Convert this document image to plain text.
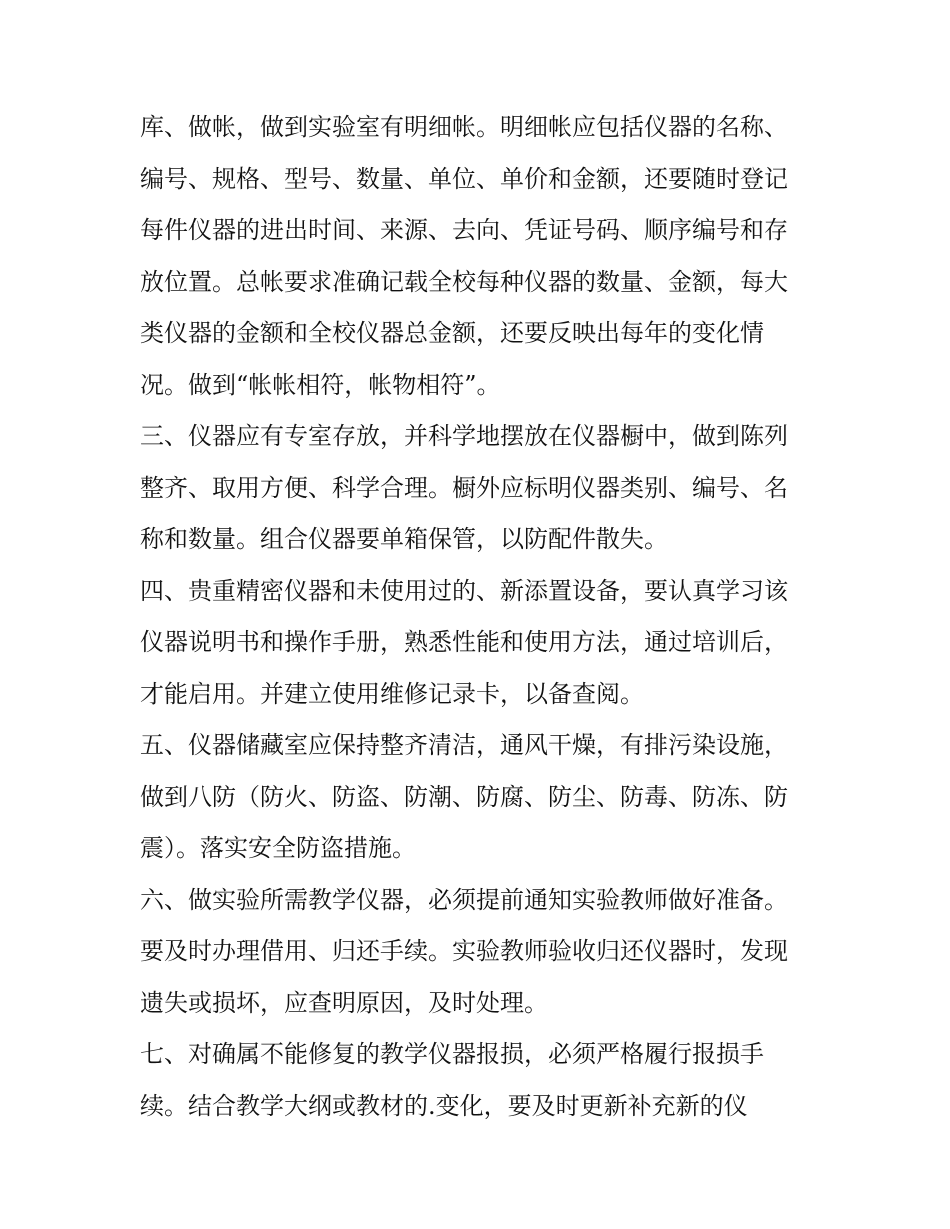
库、做帐，做到实验室有明细帐。明细帐应包括仪器的名称、
编号、规格、型号、数量、单位、单价和金额，还要随时登记
每件仪器的进出时间、来源、去向、凭证号码、顺序编号和存
放位置。总帐要求准确记载全校每种仪器的数量、金额，每大
类仪器的金额和全校仪器总金额，还要反映出每年的变化情
况。做到“帐帐相符，帐物相符”。
三、仪器应有专室存放，并科学地摆放在仪器橱中，做到陈列
整齐、取用方便、科学合理。橱外应标明仪器类别、编号、名
称和数量。组合仪器要单箱保管，以防配件散失。
四、贵重精密仪器和未使用过的、新添置设备，要认真学习该
仪器说明书和操作手册，熟悉性能和使用方法，通过培训后，
才能启用。并建立使用维修记录卡，以备查阅。
五、仪器储藏室应保持整齐清洁，通风干燥，有排污染设施，
做到八防（防火、防盗、防潮、防腐、防尘、防毒、防冻、防
震）。落实安全防盗措施。
六、做实验所需教学仪器，必须提前通知实验教师做好准备。
要及时办理借用、归还手续。实验教师验收归还仪器时，发现
遗失或损坏，应查明原因，及时处理。
七、对确属不能修复的教学仪器报损，必须严格履行报损手
续。结合教学大纲或教材的.变化，要及时更新补充新的仪
